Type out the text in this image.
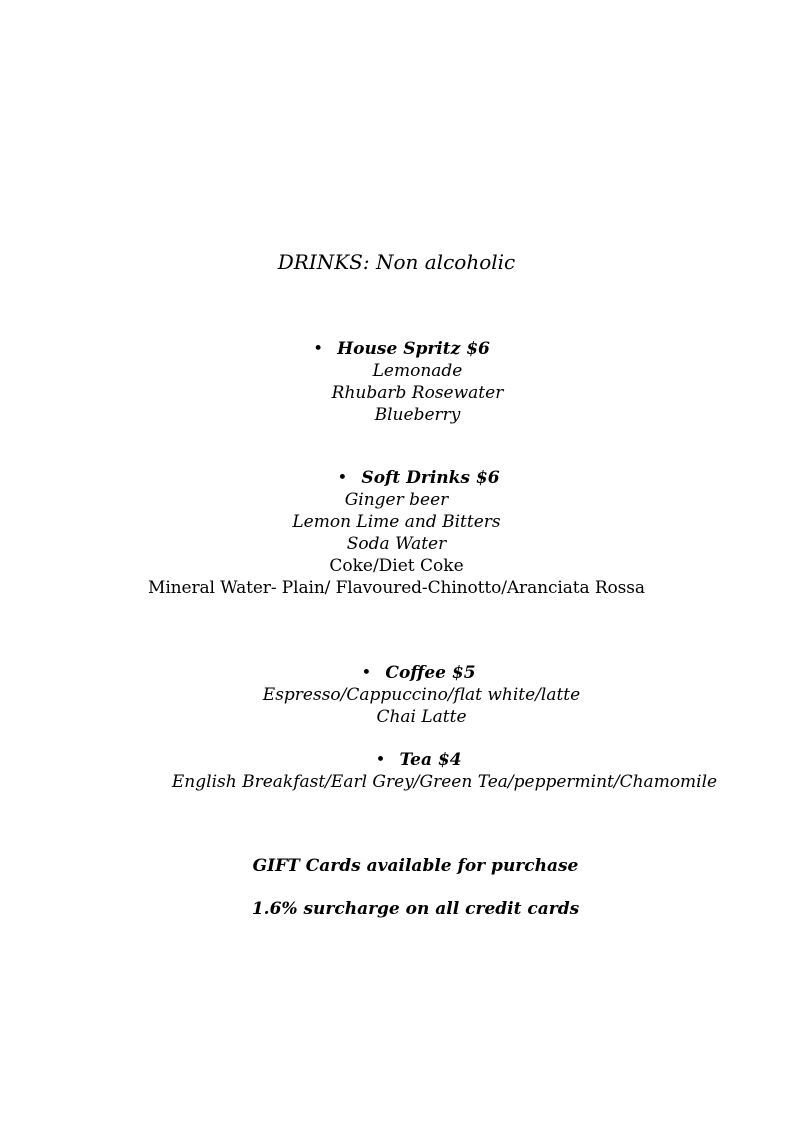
DRINKS: Non alcoholic
• House Spritz $6
Lemonade
Rhubarb Rosewater
Blueberry
• Soft Drinks $6
Ginger beer
Lemon Lime and Bitters
Soda Water
Coke/Diet Coke
Mineral Water- Plain/ Flavoured-Chinotto/Aranciata Rossa
• Coffee $5
Espresso/Cappuccino/flat white/latte
Chai Latte
• Tea $4
English Breakfast/Earl Grey/Green Tea/peppermint/Chamomile
GIFT Cards available for purchase
1.6% surcharge on all credit cards
